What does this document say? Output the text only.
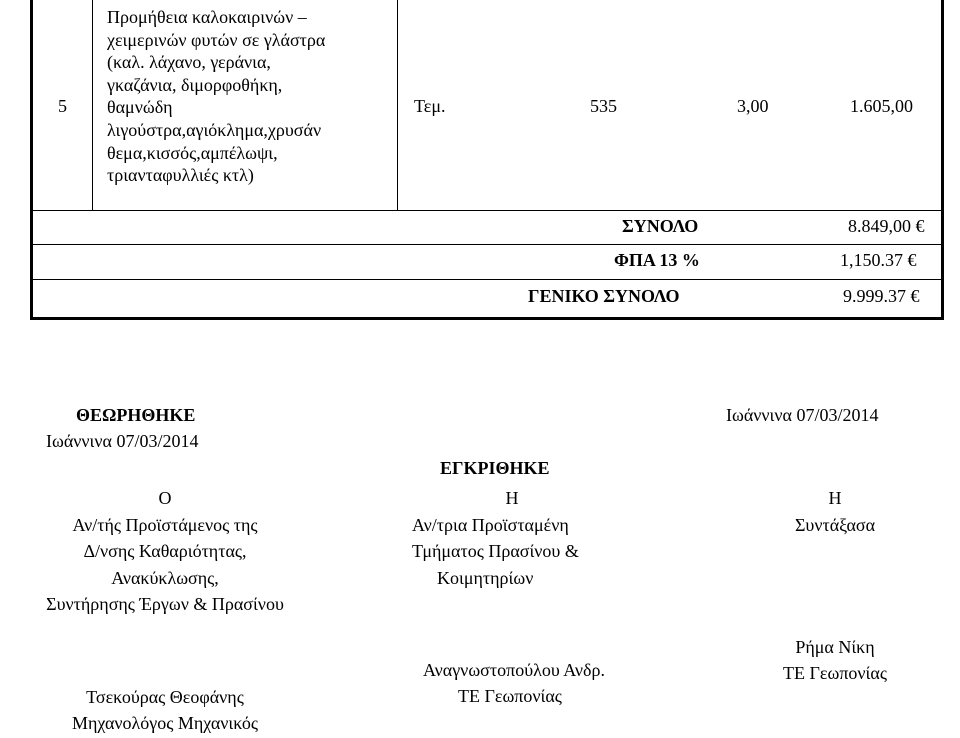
5
Προμήθεια καλοκαιρινών –
χειμερινών φυτών σε γλάστρα
(καλ. λάχανο, γεράνια,
γκαζάνια, διμορφοθήκη,
θαμνώδη
λιγούστρα,αγιόκλημα,χρυσάν
θεμα,κισσός,αμπέλωψι,
τριανταφυλλιές κτλ)
Τεμ.	535	3,00	1.605,00
ΣΥΝΟΛΟ	8.849,00 €
ΦΠΑ 13 %	1,150.37 €
ΓΕΝΙΚΟ ΣΥΝΟΛΟ	9.999.37 €
ΘΕΩΡΗΘΗΚΕ	Ιωάννινα 07/03/2014
Ιωάννινα 07/03/2014
ΕΓΚΡΙΘΗΚΕ
Ο
Αν/τής Προϊστάμενος της
Δ/νσης Καθαριότητας,
Ανακύκλωσης,
Συντήρησης Έργων & Πρασίνου
Τσεκούρας Θεοφάνης
Μηχανολόγος Μηχανικός
Η
Αν/τρια Προϊσταμένη
Τμήματος Πρασίνου &
Κοιμητηρίων
Αναγνωστοπούλου Ανδρ.
ΤΕ Γεωπονίας
Η
Συντάξασα
Ρήμα Νίκη
ΤΕ Γεωπονίας
